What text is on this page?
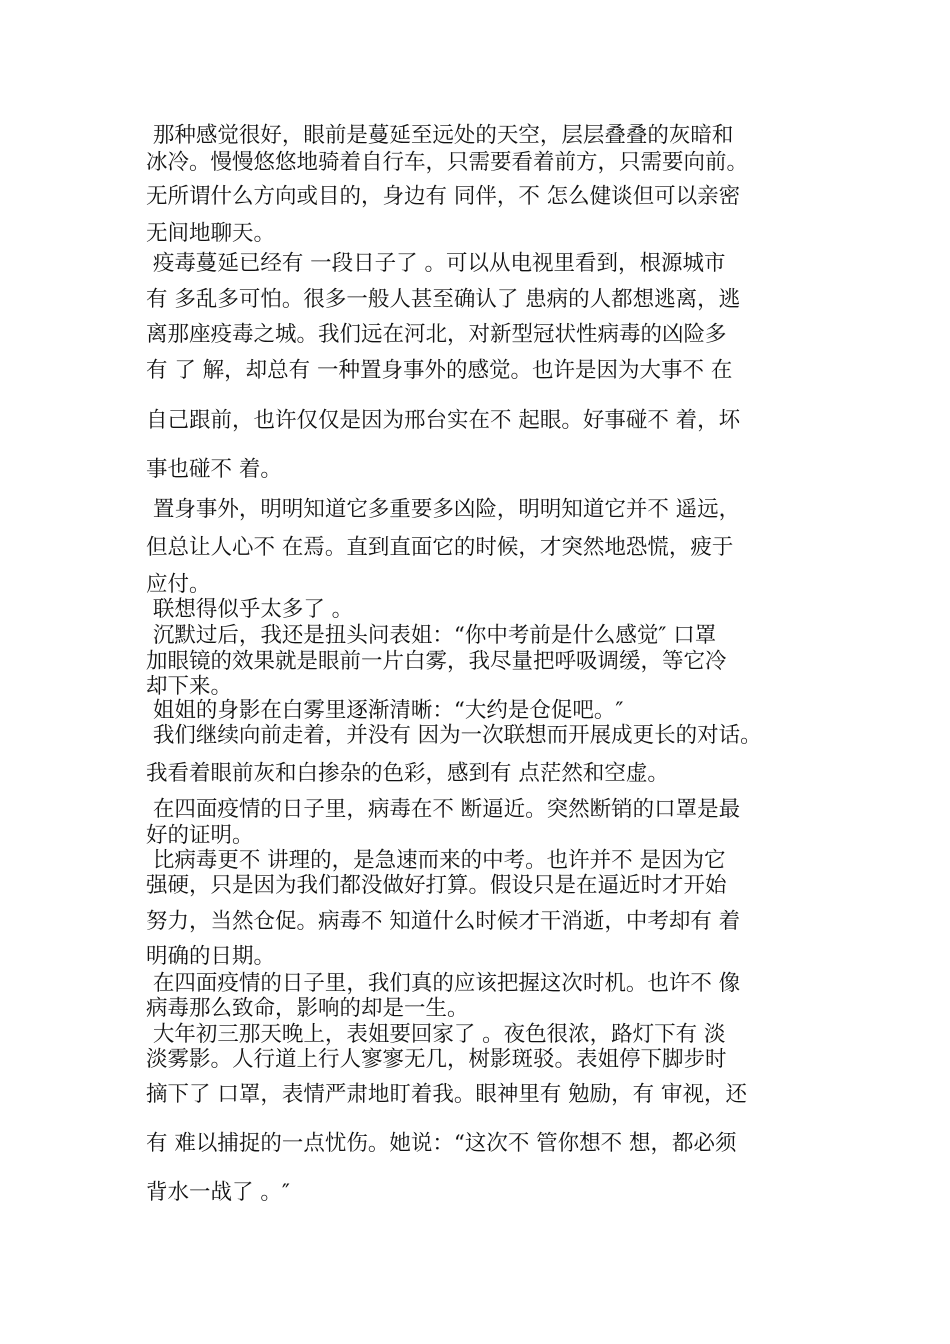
那种感觉很好，眼前是蔓延至远处的天空，层层叠叠的灰暗和
冰冷。慢慢悠悠地骑着自行车，只需要看着前方，只需要向前。
无所谓什么方向或目的，身边有 同伴，不 怎么健谈但可以亲密
无间地聊天。
疫毒蔓延已经有 一段日子了 。可以从电视里看到，根源城市
有 多乱多可怕。很多一般人甚至确认了 患病的人都想逃离，逃
离那座疫毒之城。我们远在河北，对新型冠状性病毒的凶险多
有 了 解，却总有 一种置身事外的感觉。也许是因为大事不 在
自己跟前，也许仅仅是因为邢台实在不 起眼。好事碰不 着，坏
事也碰不 着。
置身事外，明明知道它多重要多凶险，明明知道它并不 遥远，
但总让人心不 在焉。直到直面它的时候，才突然地恐慌，疲于
应付。
联想得似乎太多了 。
沉默过后，我还是扭头问表姐：“你中考前是什么感觉″ 口罩
加眼镜的效果就是眼前一片白雾，我尽量把呼吸调缓，等它冷
却下来。
姐姐的身影在白雾里逐渐清晰：“大约是仓促吧。″
我们继续向前走着，并没有 因为一次联想而开展成更长的对话。
我看着眼前灰和白掺杂的色彩，感到有 点茫然和空虚。
在四面疫情的日子里，病毒在不 断逼近。突然断销的口罩是最
好的证明。
比病毒更不 讲理的，是急速而来的中考。也许并不 是因为它
强硬，只是因为我们都没做好打算。假设只是在逼近时才开始
努力，当然仓促。病毒不 知道什么时候才干消逝，中考却有 着
明确的日期。
在四面疫情的日子里，我们真的应该把握这次时机。也许不 像
病毒那么致命，影响的却是一生。
大年初三那天晚上，表姐要回家了 。夜色很浓，路灯下有 淡
淡雾影。人行道上行人寥寥无几，树影斑驳。表姐停下脚步时
摘下了 口罩，表情严肃地盯着我。眼神里有 勉励，有 审视，还
有 难以捕捉的一点忧伤。她说：“这次不 管你想不 想，都必须
背水一战了 。″
